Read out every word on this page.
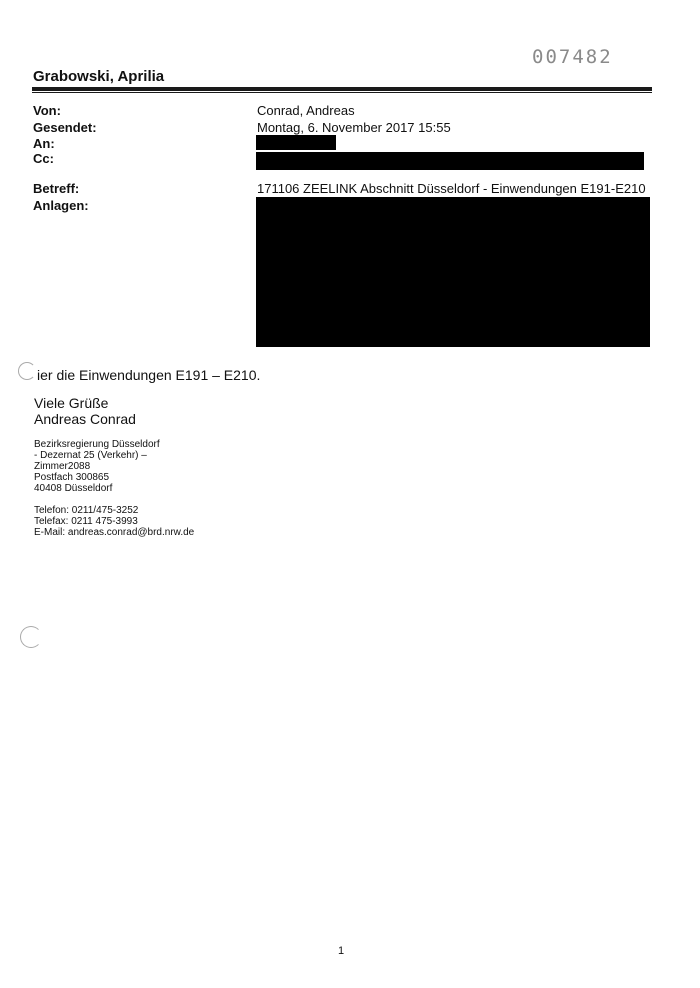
007482
Grabowski, Aprilia
Von:
Gesendet:
An:
Cc:
Betreff:
Anlagen:
Conrad, Andreas
Montag, 6. November 2017 15:55
171106 ZEELINK Abschnitt Düsseldorf - Einwendungen E191-E210
ier die Einwendungen E191 – E210.
Viele Grüße
Andreas Conrad
Bezirksregierung Düsseldorf
- Dezernat 25 (Verkehr) –
Zimmer2088
Postfach 300865
40408 Düsseldorf
Telefon: 0211/475-3252
Telefax: 0211 475-3993
E-Mail: andreas.conrad@brd.nrw.de
1
